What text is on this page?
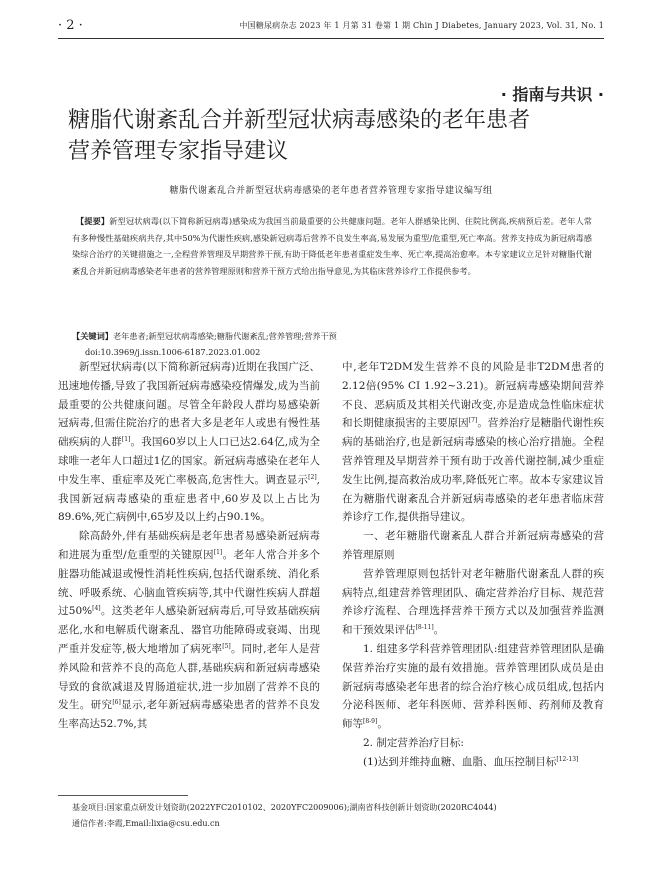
· 2 ·	中国糖尿病杂志 2023 年 1 月第 31 卷第 1 期 Chin J Diabetes, January 2023, Vol. 31, No. 1
· 指南与共识 ·
糖脂代谢紊乱合并新型冠状病毒感染的老年患者
营养管理专家指导建议
糖脂代谢紊乱合并新型冠状病毒感染的老年患者营养管理专家指导建议编写组
【提要】新型冠状病毒(以下简称新冠病毒)感染成为我国当前最重要的公共健康问题。老年人群感染比例、住院比例高,疾病预后差。老年人常有多种慢性基础疾病共存,其中50%为代谢性疾病,感染新冠病毒后营养不良发生率高,易发展为重型/危重型,死亡率高。营养支持成为新冠病毒感染综合治疗的关键措施之一,全程营养管理及早期营养干预,有助于降低老年患者重症发生率、死亡率,提高治愈率。本专家建议立足针对糖脂代谢紊乱合并新冠病毒感染老年患者的营养管理原则和营养干预方式给出指导意见,为其临床营养诊疗工作提供参考。
【关键词】老年患者;新型冠状病毒感染;糖脂代谢紊乱;营养管理;营养干预
doi:10.3969/j.issn.1006-6187.2023.01.002

新型冠状病毒(以下简称新冠病毒)近期在我国广泛、迅速地传播,导致了我国新冠病毒感染疫情爆发,成为当前最重要的公共健康问题。尽管全年龄段人群均易感染新冠病毒,但需住院治疗的患者大多是老年人或患有慢性基础疾病的人群[1]。我国60岁以上人口已达2.64亿,成为全球唯一老年人口超过1亿的国家。新冠病毒感染在老年人中发生率、重症率及死亡率极高,危害性大。调查显示[2],我国新冠病毒感染的重症患者中,60岁及以上占比为89.6%,死亡病例中,65岁及以上约占90.1%。

除高龄外,伴有基础疾病是老年患者易感染新冠病毒和进展为重型/危重型的关键原因[1]。老年人常合并多个脏器功能减退或慢性消耗性疾病,包括代谢系统、消化系统、呼吸系统、心脑血管疾病等,其中代谢性疾病人群超过50%[4]。这类老年人感染新冠病毒后,可导致基础疾病恶化,水和电解质代谢紊乱、器官功能障碍或衰竭、出现严重并发症等,极大地增加了病死率[5]。同时,老年人是营养风险和营养不良的高危人群,基础疾病和新冠病毒感染导致的食欲减退及胃肠道症状,进一步加剧了营养不良的发生。研究[6]显示,老年新冠病毒感染患者的营养不良发生率高达52.7%,其

中,老年T2DM发生营养不良的风险是非T2DM患者的2.12倍(95% CI 1.92~3.21)。新冠病毒感染期间营养不良、恶病质及其相关代谢改变,亦是造成急性临床症状和长期健康损害的主要原因[7]。营养治疗是糖脂代谢性疾病的基础治疗,也是新冠病毒感染的核心治疗措施。全程营养管理及早期营养干预有助于改善代谢控制,减少重症发生比例,提高救治成功率,降低死亡率。故本专家建议旨在为糖脂代谢紊乱合并新冠病毒感染的老年患者临床营养诊疗工作,提供指导建议。

一、老年糖脂代谢紊乱人群合并新冠病毒感染的营养管理原则

营养管理原则包括针对老年糖脂代谢紊乱人群的疾病特点,组建营养管理团队、确定营养治疗目标、规范营养诊疗流程、合理选择营养干预方式以及加强营养监测和干预效果评估[8-11]。

1. 组建多学科营养管理团队:组建营养管理团队是确保营养治疗实施的最有效措施。营养管理团队成员是由新冠病毒感染老年患者的综合治疗核心成员组成,包括内分泌科医师、老年科医师、营养科医师、药剂师及教育师等[8-9]。

2. 制定营养治疗目标:

(1)达到并维持血糖、血脂、血压控制目标[12-13]

基金项目:国家重点研发计划资助(2022YFC2010102、2020YFC2009006);湖南省科技创新计划资助(2020RC4044)
通信作者:李霞,Email:lixia@csu.edu.cn
